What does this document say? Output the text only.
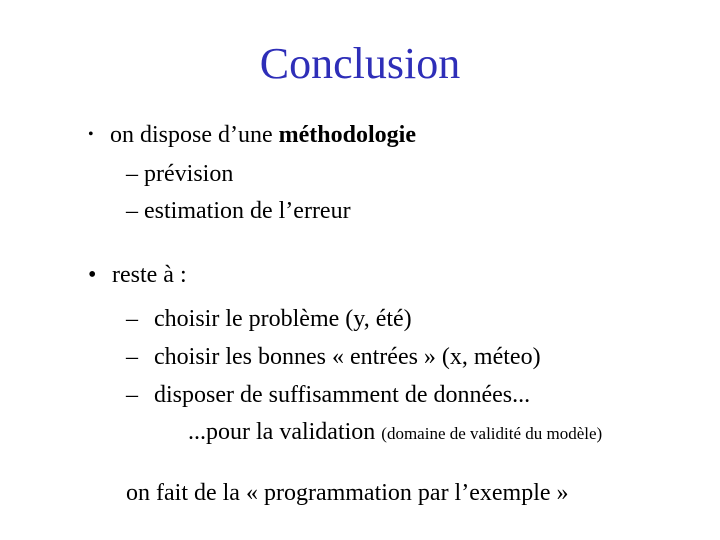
Conclusion
• on dispose d’une méthodologie
– prévision
– estimation de l’erreur
• reste à :
– choisir le problème (y, été)
– choisir les bonnes « entrées » (x, méteo)
– disposer de suffisamment de données...
...pour la validation (domaine de validité du modèle)
on fait de la « programmation par l’exemple »
